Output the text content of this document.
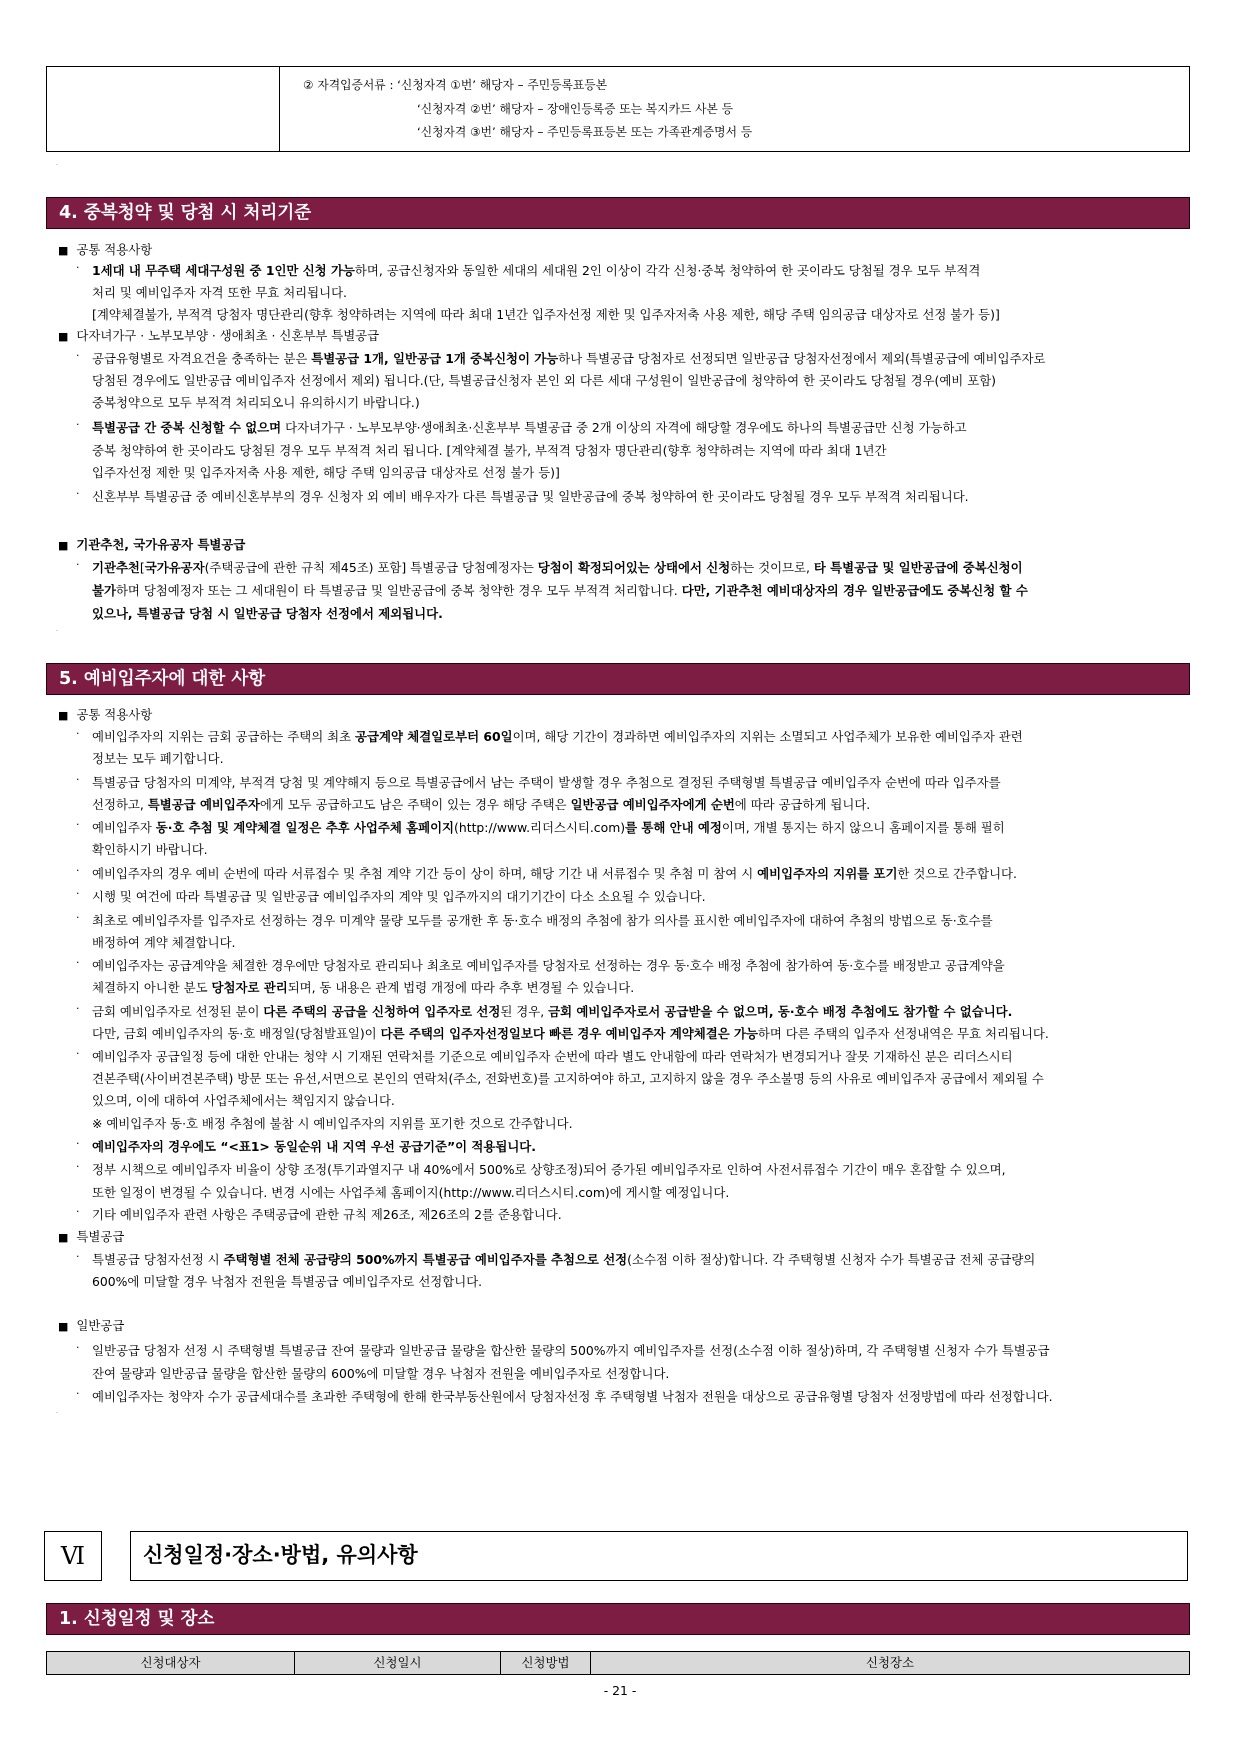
② 자격입증서류 : ‘신청자격 ①번’ 해당자 – 주민등록표등본
‘신청자격 ②번’ 해당자 – 장애인등록증 또는 복지카드 사본 등
‘신청자격 ③번’ 해당자 – 주민등록표등본 또는 가족관계증명서 등
.
4. 중복청약 및 당첨 시 처리기준
■ 공통 적용사항
·	1세대 내 무주택 세대구성원 중 1인만 신청 가능하며, 공급신청자와 동일한 세대의 세대원 2인 이상이 각각 신청·중복 청약하여 한 곳이라도 당첨될 경우 모두 부적격
처리 및 예비입주자 자격 또한 무효 처리됩니다.
[계약체결불가, 부적격 당첨자 명단관리(향후 청약하려는 지역에 따라 최대 1년간 입주자선정 제한 및 입주자저축 사용 제한, 해당 주택 임의공급 대상자로 선정 불가 등)]
■ 다자녀가구 · 노부모부양 · 생애최초 · 신혼부부 특별공급
·	공급유형별로 자격요건을 충족하는 분은 특별공급 1개, 일반공급 1개 중복신청이 가능하나 특별공급 당첨자로 선정되면 일반공급 당첨자선정에서 제외(특별공급에 예비입주자로
당첨된 경우에도 일반공급 예비입주자 선정에서 제외) 됩니다.(단, 특별공급신청자 본인 외 다른 세대 구성원이 일반공급에 청약하여 한 곳이라도 당첨될 경우(예비 포함)
중복청약으로 모두 부적격 처리되오니 유의하시기 바랍니다.)
·	특별공급 간 중복 신청할 수 없으며 다자녀가구 · 노부모부양·생애최초·신혼부부 특별공급 중 2개 이상의 자격에 해당할 경우에도 하나의 특별공급만 신청 가능하고
중복 청약하여 한 곳이라도 당첨된 경우 모두 부적격 처리 됩니다. [계약체결 불가, 부적격 당첨자 명단관리(향후 청약하려는 지역에 따라 최대 1년간
입주자선정 제한 및 입주자저축 사용 제한, 해당 주택 임의공급 대상자로 선정 불가 등)]
·	신혼부부 특별공급 중 예비신혼부부의 경우 신청자 외 예비 배우자가 다른 특별공급 및 일반공급에 중복 청약하여 한 곳이라도 당첨될 경우 모두 부적격 처리됩니다.
■ 기관추천, 국가유공자 특별공급
·	기관추천[국가유공자(주택공급에 관한 규칙 제45조) 포함] 특별공급 당첨예정자는 당첨이 확정되어있는 상태에서 신청하는 것이므로, 타 특별공급 및 일반공급에 중복신청이
불가하며 당첨예정자 또는 그 세대원이 타 특별공급 및 일반공급에 중복 청약한 경우 모두 부적격 처리합니다. 다만, 기관추천 예비대상자의 경우 일반공급에도 중복신청 할 수
있으나, 특별공급 당첨 시 일반공급 당첨자 선정에서 제외됩니다.
.
5. 예비입주자에 대한 사항
■ 공통 적용사항
·	예비입주자의 지위는 금회 공급하는 주택의 최초 공급계약 체결일로부터 60일이며, 해당 기간이 경과하면 예비입주자의 지위는 소멸되고 사업주체가 보유한 예비입주자 관련
정보는 모두 폐기합니다.
·	특별공급 당첨자의 미계약, 부적격 당첨 및 계약해지 등으로 특별공급에서 남는 주택이 발생할 경우 추첨으로 결정된 주택형별 특별공급 예비입주자 순번에 따라 입주자를
선정하고, 특별공급 예비입주자에게 모두 공급하고도 남은 주택이 있는 경우 해당 주택은 일반공급 예비입주자에게 순번에 따라 공급하게 됩니다.
·	예비입주자 동·호 추첨 및 계약체결 일정은 추후 사업주체 홈페이지(http://www.리더스시티.com)를 통해 안내 예정이며, 개별 통지는 하지 않으니 홈페이지를 통해 필히
확인하시기 바랍니다.
·	예비입주자의 경우 예비 순번에 따라 서류접수 및 추첨 계약 기간 등이 상이 하며, 해당 기간 내 서류접수 및 추첨 미 참여 시 예비입주자의 지위를 포기한 것으로 간주합니다.
·	시행 및 여건에 따라 특별공급 및 일반공급 예비입주자의 계약 및 입주까지의 대기기간이 다소 소요될 수 있습니다.
·	최초로 예비입주자를 입주자로 선정하는 경우 미계약 물량 모두를 공개한 후 동·호수 배정의 추첨에 참가 의사를 표시한 예비입주자에 대하여 추첨의 방법으로 동·호수를
배정하여 계약 체결합니다.
·	예비입주자는 공급계약을 체결한 경우에만 당첨자로 관리되나 최초로 예비입주자를 당첨자로 선정하는 경우 동·호수 배정 추첨에 참가하여 동·호수를 배정받고 공급계약을
체결하지 아니한 분도 당첨자로 관리되며, 동 내용은 관계 법령 개정에 따라 추후 변경될 수 있습니다.
·	금회 예비입주자로 선정된 분이 다른 주택의 공급을 신청하여 입주자로 선정된 경우, 금회 예비입주자로서 공급받을 수 없으며, 동·호수 배정 추첨에도 참가할 수 없습니다.
다만, 금회 예비입주자의 동·호 배정일(당첨발표일)이 다른 주택의 입주자선정일보다 빠른 경우 예비입주자 계약체결은 가능하며 다른 주택의 입주자 선정내역은 무효 처리됩니다.
·	예비입주자 공급일정 등에 대한 안내는 청약 시 기재된 연락처를 기준으로 예비입주자 순번에 따라 별도 안내함에 따라 연락처가 변경되거나 잘못 기재하신 분은 리더스시티
견본주택(사이버견본주택) 방문 또는 유선,서면으로 본인의 연락처(주소, 전화번호)를 고지하여야 하고, 고지하지 않을 경우 주소불명 등의 사유로 예비입주자 공급에서 제외될 수
있으며, 이에 대하여 사업주체에서는 책임지지 않습니다.
※ 예비입주자 동·호 배정 추첨에 불참 시 예비입주자의 지위를 포기한 것으로 간주합니다.
·	예비입주자의 경우에도 “<표1> 동일순위 내 지역 우선 공급기준”이 적용됩니다.
·	정부 시책으로 예비입주자 비율이 상향 조정(투기과열지구 내 40%에서 500%로 상향조정)되어 증가된 예비입주자로 인하여 사전서류접수 기간이 매우 혼잡할 수 있으며,
또한 일정이 변경될 수 있습니다. 변경 시에는 사업주체 홈페이지(http://www.리더스시티.com)에 게시할 예정입니다.
·	기타 예비입주자 관련 사항은 주택공급에 관한 규칙 제26조, 제26조의 2를 준용합니다.
■ 특별공급
·	특별공급 당첨자선정 시 주택형별 전체 공급량의 500%까지 특별공급 예비입주자를 추첨으로 선정(소수점 이하 절상)합니다. 각 주택형별 신청자 수가 특별공급 전체 공급량의
600%에 미달할 경우 낙첨자 전원을 특별공급 예비입주자로 선정합니다.
■ 일반공급
·	일반공급 당첨자 선정 시 주택형별 특별공급 잔여 물량과 일반공급 물량을 합산한 물량의 500%까지 예비입주자를 선정(소수점 이하 절상)하며, 각 주택형별 신청자 수가 특별공급
잔여 물량과 일반공급 물량을 합산한 물량의 600%에 미달할 경우 낙첨자 전원을 예비입주자로 선정합니다.
·	예비입주자는 청약자 수가 공급세대수를 초과한 주택형에 한해 한국부동산원에서 당첨자선정 후 주택형별 낙첨자 전원을 대상으로 공급유형별 당첨자 선정방법에 따라 선정합니다.
.
Ⅵ	신청일정·장소·방법, 유의사항
1. 신청일정 및 장소
신청대상자	신청일시	신청방법	신청장소
- 21 -
